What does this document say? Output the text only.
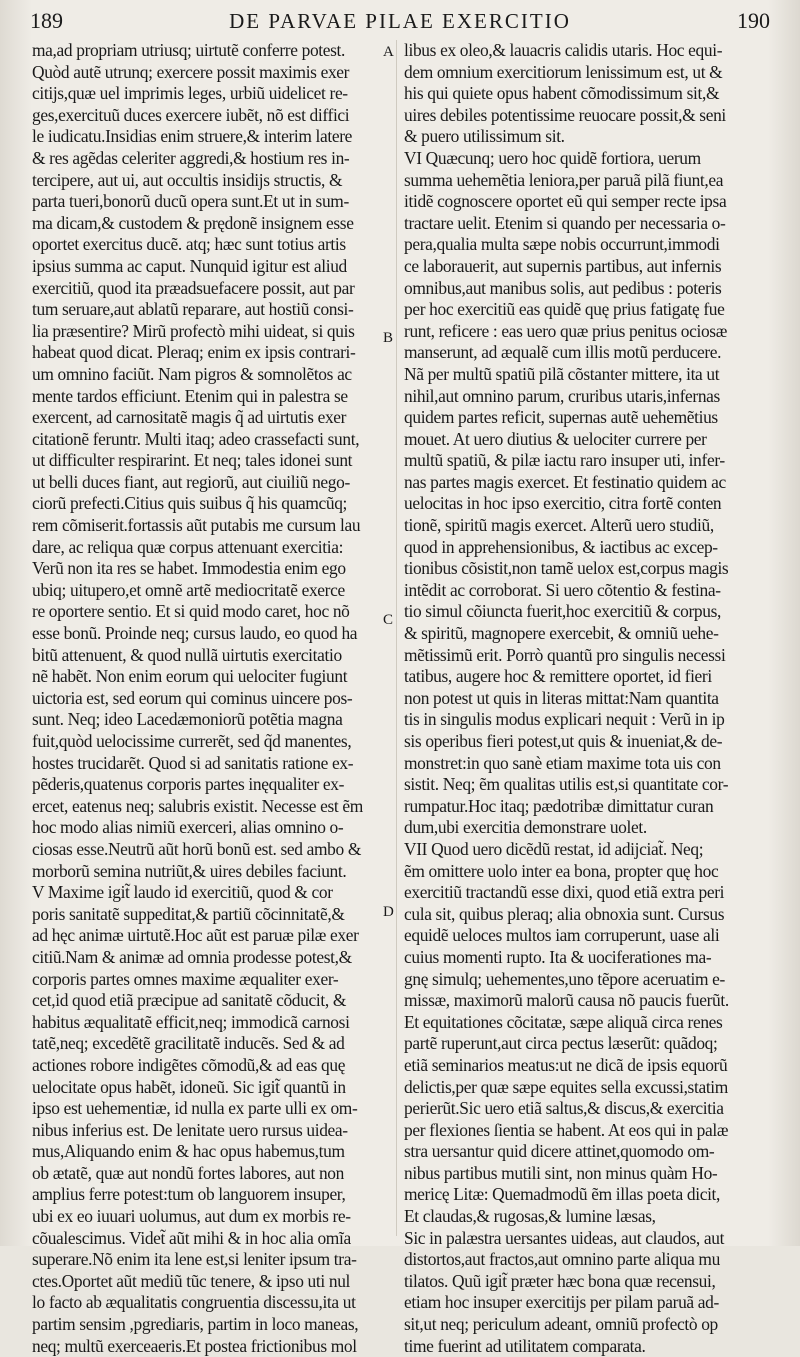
189	DE PARVAE PILAE EXERCITIO	190
A
B
C
D
ma,ad propriam utriusq; uirtutẽ conferre potest.
Quòd autẽ utrunq; exercere possit maximis exer
citijs,quæ uel imprimis leges, urbiũ uidelicet re-
ges,exercituũ duces exercere iubẽt, nõ est diffici
le iudicatu.Insidias enim struere,& interim latere
& res agẽdas celeriter aggredi,& hostium res in-
tercipere, aut ui, aut occultis insidijs structis, &
parta tueri,bonorũ ducũ opera sunt.Et ut in sum-
ma dicam,& custodem & prędonẽ insignem esse
oportet exercitus ducẽ. atq; hæc sunt totius artis
ipsius summa ac caput. Nunquid igitur est aliud
exercitiũ, quod ita præadsuefacere possit, aut par
tum seruare,aut ablatũ reparare, aut hostiũ consi-
lia præsentire? Mirũ profectò mihi uideat, si quis
habeat quod dicat. Pleraq; enim ex ipsis contrari-
um omnino faciũt. Nam pigros & somnolẽtos ac
mente tardos efficiunt. Etenim qui in palestra se
exercent, ad carnositatẽ magis q̃ ad uirtutis exer
citationẽ feruntr. Multi itaq; adeo crassefacti sunt,
ut difficulter respirarint. Et neq; tales idonei sunt
ut belli duces fiant, aut regiorũ, aut ciuiliũ nego-
ciorũ prefecti.Citius quis suibus q̃ his quamcũq;
rem cõmiserit.fortassis aũt putabis me cursum lau
dare, ac reliqua quæ corpus attenuant exercitia:
Verũ non ita res se habet. Immodestia enim ego
ubiq; uitupero,et omnẽ artẽ mediocritatẽ exerce
re oportere sentio. Et si quid modo caret, hoc nõ
esse bonũ. Proinde neq; cursus laudo, eo quod ha
bitũ attenuent, & quod nullã uirtutis exercitatio
nẽ habẽt. Non enim eorum qui uelociter fugiunt
uictoria est, sed eorum qui cominus uincere pos-
sunt. Neq; ideo Lacedæmoniorũ potẽtia magna
fuit,quòd uelocissime currerẽt, sed q̃d manentes,
hostes trucidarẽt. Quod si ad sanitatis ratione ex-
pẽderis,quatenus corporis partes inęqualiter ex-
ercet, eatenus neq; salubris existit. Necesse est ẽm
hoc modo alias nimiũ exerceri, alias omnino o-
ciosas esse.Neutrũ aũt horũ bonũ est. sed ambo &
morborũ semina nutriũt,& uires debiles faciunt.
V Maxime igit̃ laudo id exercitiũ, quod & cor
poris sanitatẽ suppeditat,& partiũ cõcinnitatẽ,&
ad hęc animæ uirtutẽ.Hoc aũt est paruæ pilæ exer
citiũ.Nam & animæ ad omnia prodesse potest,&
corporis partes omnes maxime æqualiter exer-
cet,id quod etiã præcipue ad sanitatẽ cõducit, &
habitus æqualitatẽ efficit,neq; immodicã carnosi
tatẽ,neq; excedẽtẽ gracilitatẽ inducẽs. Sed & ad
actiones robore indigẽtes cõmodũ,& ad eas quę
uelocitate opus habẽt, idoneũ. Sic igit̃ quantũ in
ipso est uehementiæ, id nulla ex parte ulli ex om-
nibus inferius est. De lenitate uero rursus uidea-
mus,Aliquando enim & hac opus habemus,tum
ob ætatẽ, quæ aut nondũ fortes labores, aut non
amplius ferre potest:tum ob languorem insuper,
ubi ex eo iuuari uolumus, aut dum ex morbis re-
cõualescimus. Videt̃ aũt mihi & in hoc alia omĩa
superare.Nõ enim ita lene est,si leniter ipsum tra-
ctes.Oportet aũt mediũ tũc tenere, & ipso uti nul
lo facto ab æqualitatis congruentia discessu,ita ut
partim sensim ,pgrediaris, partim in loco maneas,
neq; multũ exerceaeris.Et postea frictionibus mol
libus ex oleo,& lauacris calidis utaris. Hoc equi-
dem omnium exercitiorum lenissimum est, ut &
his qui quiete opus habent cõmodissimum sit,&
uires debiles potentissime reuocare possit,& seni
& puero utilissimum sit.
VI Quæcunq; uero hoc quidẽ fortiora, uerum
summa uehemẽtia leniora,per paruã pilã fiunt,ea
itidẽ cognoscere oportet eũ qui semper recte ipsa
tractare uelit. Etenim si quando per necessaria o-
pera,qualia multa sæpe nobis occurrunt,immodi
ce laborauerit, aut supernis partibus, aut infernis
omnibus,aut manibus solis, aut pedibus : poteris
per hoc exercitiũ eas quidẽ quę prius fatigatę fue
runt, reficere : eas uero quæ prius penitus ociosæ
manserunt, ad æqualẽ cum illis motũ perducere.
Nã per multũ spatiũ pilã cõstanter mittere, ita ut
nihil,aut omnino parum, cruribus utaris,infernas
quidem partes reficit, supernas autẽ uehemẽtius
mouet. At uero diutius & uelociter currere per
multũ spatiũ, & pilæ iactu raro insuper uti, infer-
nas partes magis exercet. Et festinatio quidem ac
uelocitas in hoc ipso exercitio, citra fortẽ conten
tionẽ, spiritũ magis exercet. Alterũ uero studiũ,
quod in apprehensionibus, & iactibus ac excep-
tionibus cõsistit,non tamẽ uelox est,corpus magis
intẽdit ac corroborat. Si uero cõtentio & festina-
tio simul cõiuncta fuerit,hoc exercitiũ & corpus,
& spiritũ, magnopere exercebit, & omniũ uehe-
mẽtissimũ erit. Porrò quantũ pro singulis necessi
tatibus, augere hoc & remittere oportet, id fieri
non potest ut quis in literas mittat:Nam quantita
tis in singulis modus explicari nequit : Verũ in ip
sis operibus fieri potest,ut quis & inueniat,& de-
monstret:in quo sanè etiam maxime tota uis con
sistit. Neq; ẽm qualitas utilis est,si quantitate cor-
rumpatur.Hoc itaq; pædotribæ dimittatur curan
dum,ubi exercitia demonstrare uolet.
VII Quod uero dicẽdũ restat, id adijciat̃. Neq;
ẽm omittere uolo inter ea bona, propter quę hoc
exercitiũ tractandũ esse dixi, quod etiã extra peri
cula sit, quibus pleraq; alia obnoxia sunt. Cursus
equidẽ ueloces multos iam corruperunt, uase ali
cuius momenti rupto. Ita & uociferationes ma-
gnę simulq; uehementes,uno tẽpore aceruatim e-
missæ, maximorũ malorũ causa nõ paucis fuerũt.
Et equitationes cõcitatæ, sæpe aliquã circa renes
partẽ ruperunt,aut circa pectus læserũt: quãdoq;
etiã seminarios meatus:ut ne dicã de ipsis equorũ
delictis,per quæ sæpe equites sella excussi,statim
perierũt.Sic uero etiã saltus,& discus,& exercitia
per flexiones ſientia se habent. At eos qui in palæ
stra uersantur quid dicere attinet,quomodo om-
nibus partibus mutili sint, non minus quàm Ho-
mericę Litæ: Quemadmodũ ẽm illas poeta dicit,
Et claudas,& rugosas,& lumine læsas,
Sic in palæstra uersantes uideas, aut claudos, aut
distortos,aut fractos,aut omnino parte aliqua mu
tilatos. Quũ igit̃ præter hæc bona quæ recensui,
etiam hoc insuper exercitijs per pilam paruã ad-
sit,ut neq; periculum adeant, omniũ profectò op
time fuerint ad utilitatem comparata.
